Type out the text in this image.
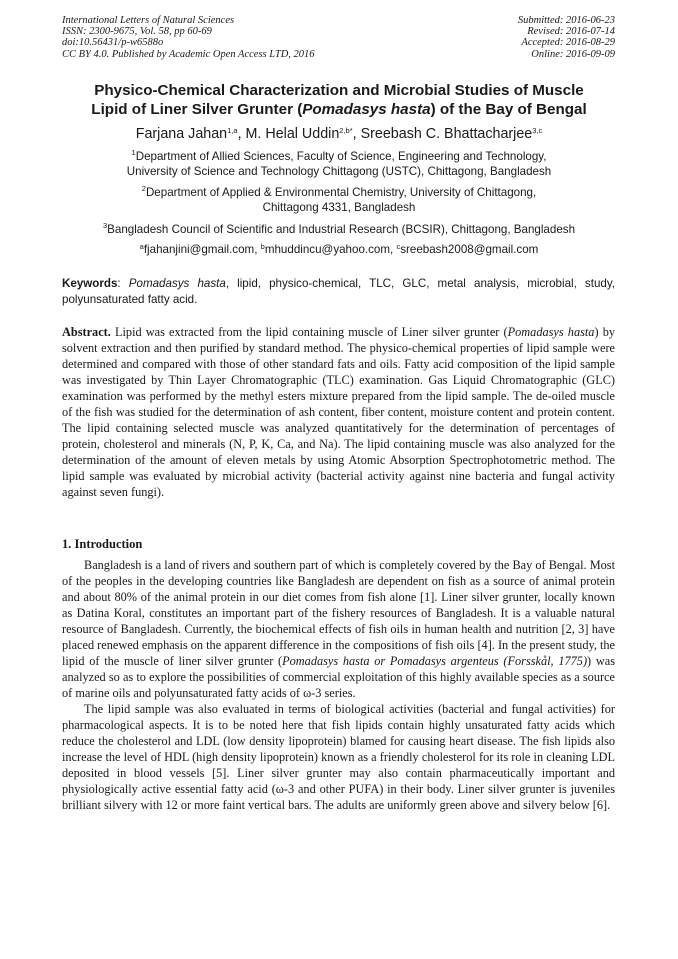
International Letters of Natural Sciences
ISSN: 2300-9675, Vol. 58, pp 60-69
doi:10.56431/p-w6588o
CC BY 4.0. Published by Academic Open Access LTD, 2016
Submitted: 2016-06-23
Revised: 2016-07-14
Accepted: 2016-08-29
Online: 2016-09-09
Physico-Chemical Characterization and Microbial Studies of Muscle
Lipid of Liner Silver Grunter (Pomadasys hasta) of the Bay of Bengal
Farjana Jahan$^{1,a}$, M. Helal Uddin$^{2,b*}$, Sreebash C. Bhattacharjee$^{3,c}$
$^1$Department of Allied Sciences, Faculty of Science, Engineering and Technology,
University of Science and Technology Chittagong (USTC), Chittagong, Bangladesh
$^2$Department of Applied & Environmental Chemistry, University of Chittagong,
Chittagong 4331, Bangladesh
$^3$Bangladesh Council of Scientific and Industrial Research (BCSIR), Chittagong, Bangladesh
$^a$fjahanjini@gmail.com, $^b$mhuddincu@yahoo.com, $^c$sreebash2008@gmail.com
Keywords: Pomadasys hasta, lipid, physico-chemical, TLC, GLC, metal analysis, microbial, study, polyunsaturated fatty acid.
Abstract. Lipid was extracted from the lipid containing muscle of Liner silver grunter (Pomadasys hasta) by solvent extraction and then purified by standard method. The physico-chemical properties of lipid sample were determined and compared with those of other standard fats and oils. Fatty acid composition of the lipid sample was investigated by Thin Layer Chromatographic (TLC) examination. Gas Liquid Chromatographic (GLC) examination was performed by the methyl esters mixture prepared from the lipid sample. The de-oiled muscle of the fish was studied for the determination of ash content, fiber content, moisture content and protein content. The lipid containing selected muscle was analyzed quantitatively for the determination of percentages of protein, cholesterol and minerals (N, P, K, Ca, and Na). The lipid containing muscle was also analyzed for the determination of the amount of eleven metals by using Atomic Absorption Spectrophotometric method. The lipid sample was evaluated by microbial activity (bacterial activity against nine bacteria and fungal activity against seven fungi).
1. Introduction

Bangladesh is a land of rivers and southern part of which is completely covered by the Bay of Bengal. Most of the peoples in the developing countries like Bangladesh are dependent on fish as a source of animal protein and about 80% of the animal protein in our diet comes from fish alone [1]. Liner silver grunter, locally known as Datina Koral, constitutes an important part of the fishery resources of Bangladesh. It is a valuable natural resource of Bangladesh. Currently, the biochemical effects of fish oils in human health and nutrition [2, 3] have placed renewed emphasis on the apparent difference in the compositions of fish oils [4]. In the present study, the lipid of the muscle of liner silver grunter (Pomadasys hasta or Pomadasys argenteus (Forsskål, 1775)) was analyzed so as to explore the possibilities of commercial exploitation of this highly available species as a source of marine oils and polyunsaturated fatty acids of ω-3 series.

The lipid sample was also evaluated in terms of biological activities (bacterial and fungal activities) for pharmacological aspects. It is to be noted here that fish lipids contain highly unsaturated fatty acids which reduce the cholesterol and LDL (low density lipoprotein) blamed for causing heart disease. The fish lipids also increase the level of HDL (high density lipoprotein) known as a friendly cholesterol for its role in cleaning LDL deposited in blood vessels [5]. Liner silver grunter may also contain pharmaceutically important and physiologically active essential fatty acid (ω-3 and other PUFA) in their body. Liner silver grunter is juveniles brilliant silvery with 12 or more faint vertical bars. The adults are uniformly green above and silvery below [6].
